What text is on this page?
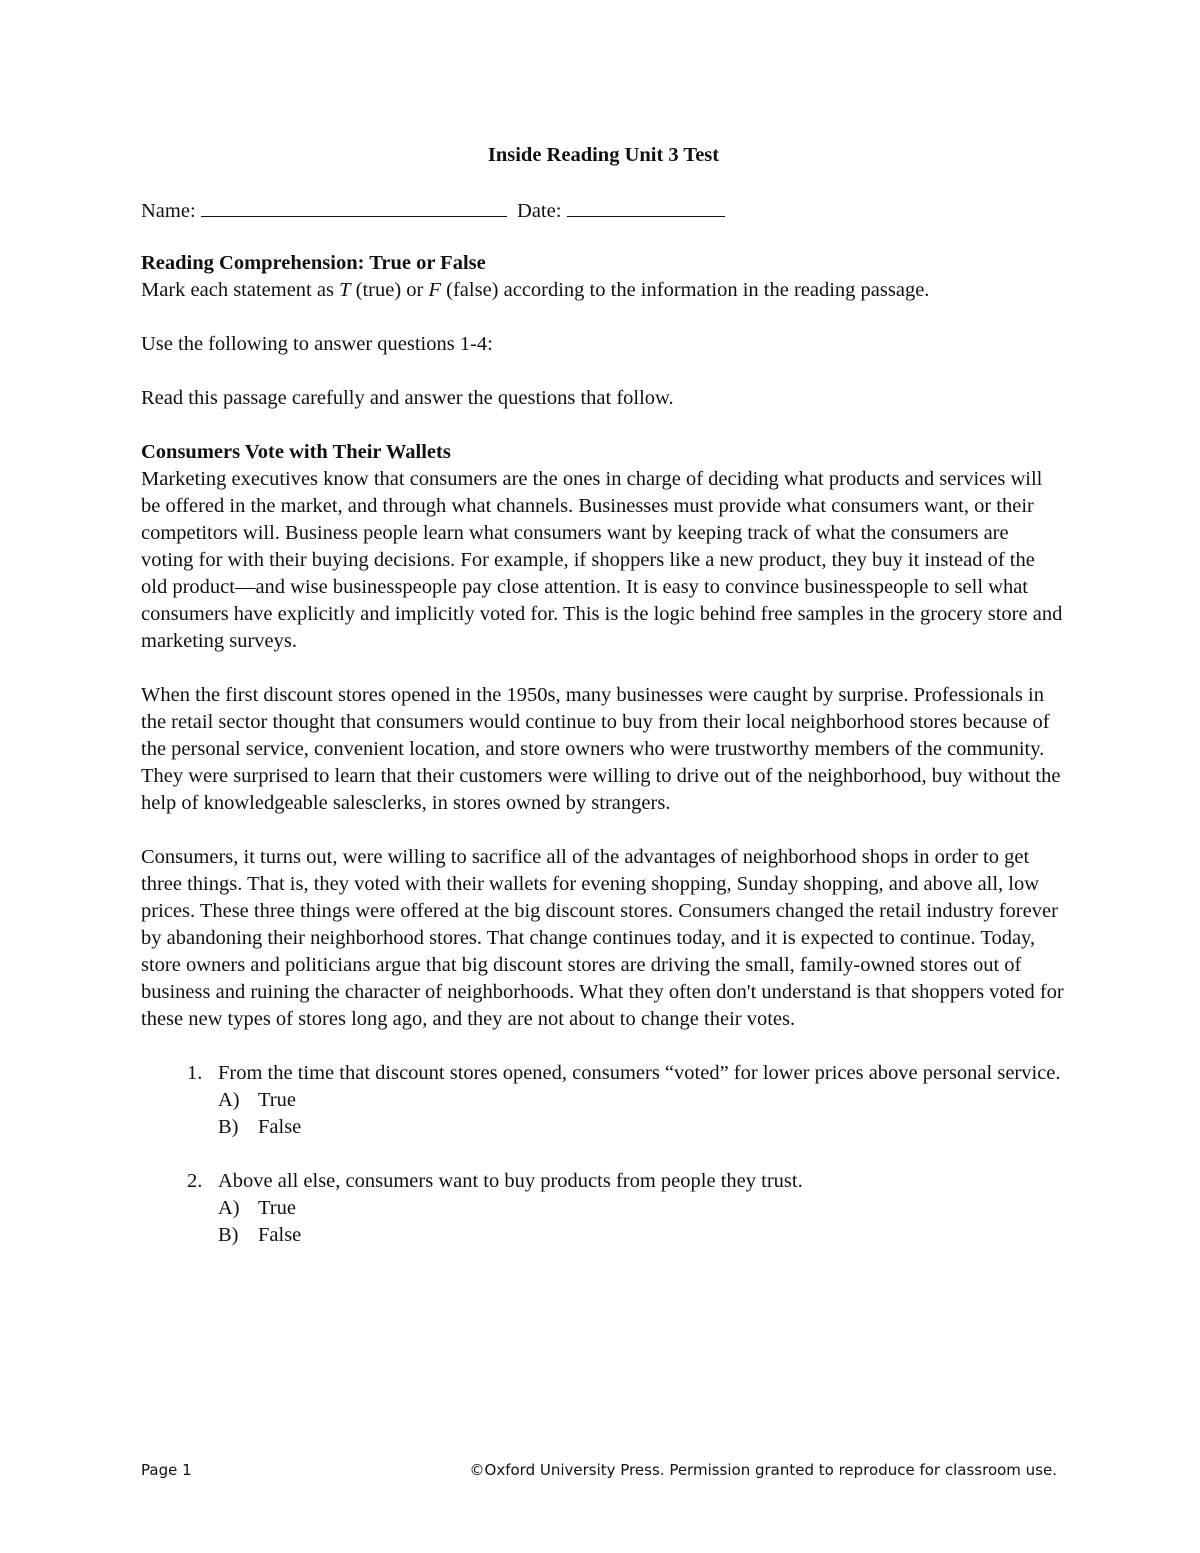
Inside Reading Unit 3 Test
Name:	Date:
Reading Comprehension: True or False
Mark each statement as T (true) or F (false) according to the information in the reading passage.
Use the following to answer questions 1-4:
Read this passage carefully and answer the questions that follow.
Consumers Vote with Their Wallets
Marketing executives know that consumers are the ones in charge of deciding what products and services will be offered in the market, and through what channels. Businesses must provide what consumers want, or their competitors will. Business people learn what consumers want by keeping track of what the consumers are voting for with their buying decisions. For example, if shoppers like a new product, they buy it instead of the old product—and wise businesspeople pay close attention. It is easy to convince businesspeople to sell what consumers have explicitly and implicitly voted for. This is the logic behind free samples in the grocery store and marketing surveys.
When the first discount stores opened in the 1950s, many businesses were caught by surprise. Professionals in the retail sector thought that consumers would continue to buy from their local neighborhood stores because of the personal service, convenient location, and store owners who were trustworthy members of the community. They were surprised to learn that their customers were willing to drive out of the neighborhood, buy without the help of knowledgeable salesclerks, in stores owned by strangers.
Consumers, it turns out, were willing to sacrifice all of the advantages of neighborhood shops in order to get three things. That is, they voted with their wallets for evening shopping, Sunday shopping, and above all, low prices. These three things were offered at the big discount stores. Consumers changed the retail industry forever by abandoning their neighborhood stores. That change continues today, and it is expected to continue. Today, store owners and politicians argue that big discount stores are driving the small, family-owned stores out of business and ruining the character of neighborhoods. What they often don't understand is that shoppers voted for these new types of stores long ago, and they are not about to change their votes.
1. From the time that discount stores opened, consumers “voted” for lower prices above personal service.
A) True
B) False
2. Above all else, consumers want to buy products from people they trust.
A) True
B) False
Page 1	©Oxford University Press. Permission granted to reproduce for classroom use.
